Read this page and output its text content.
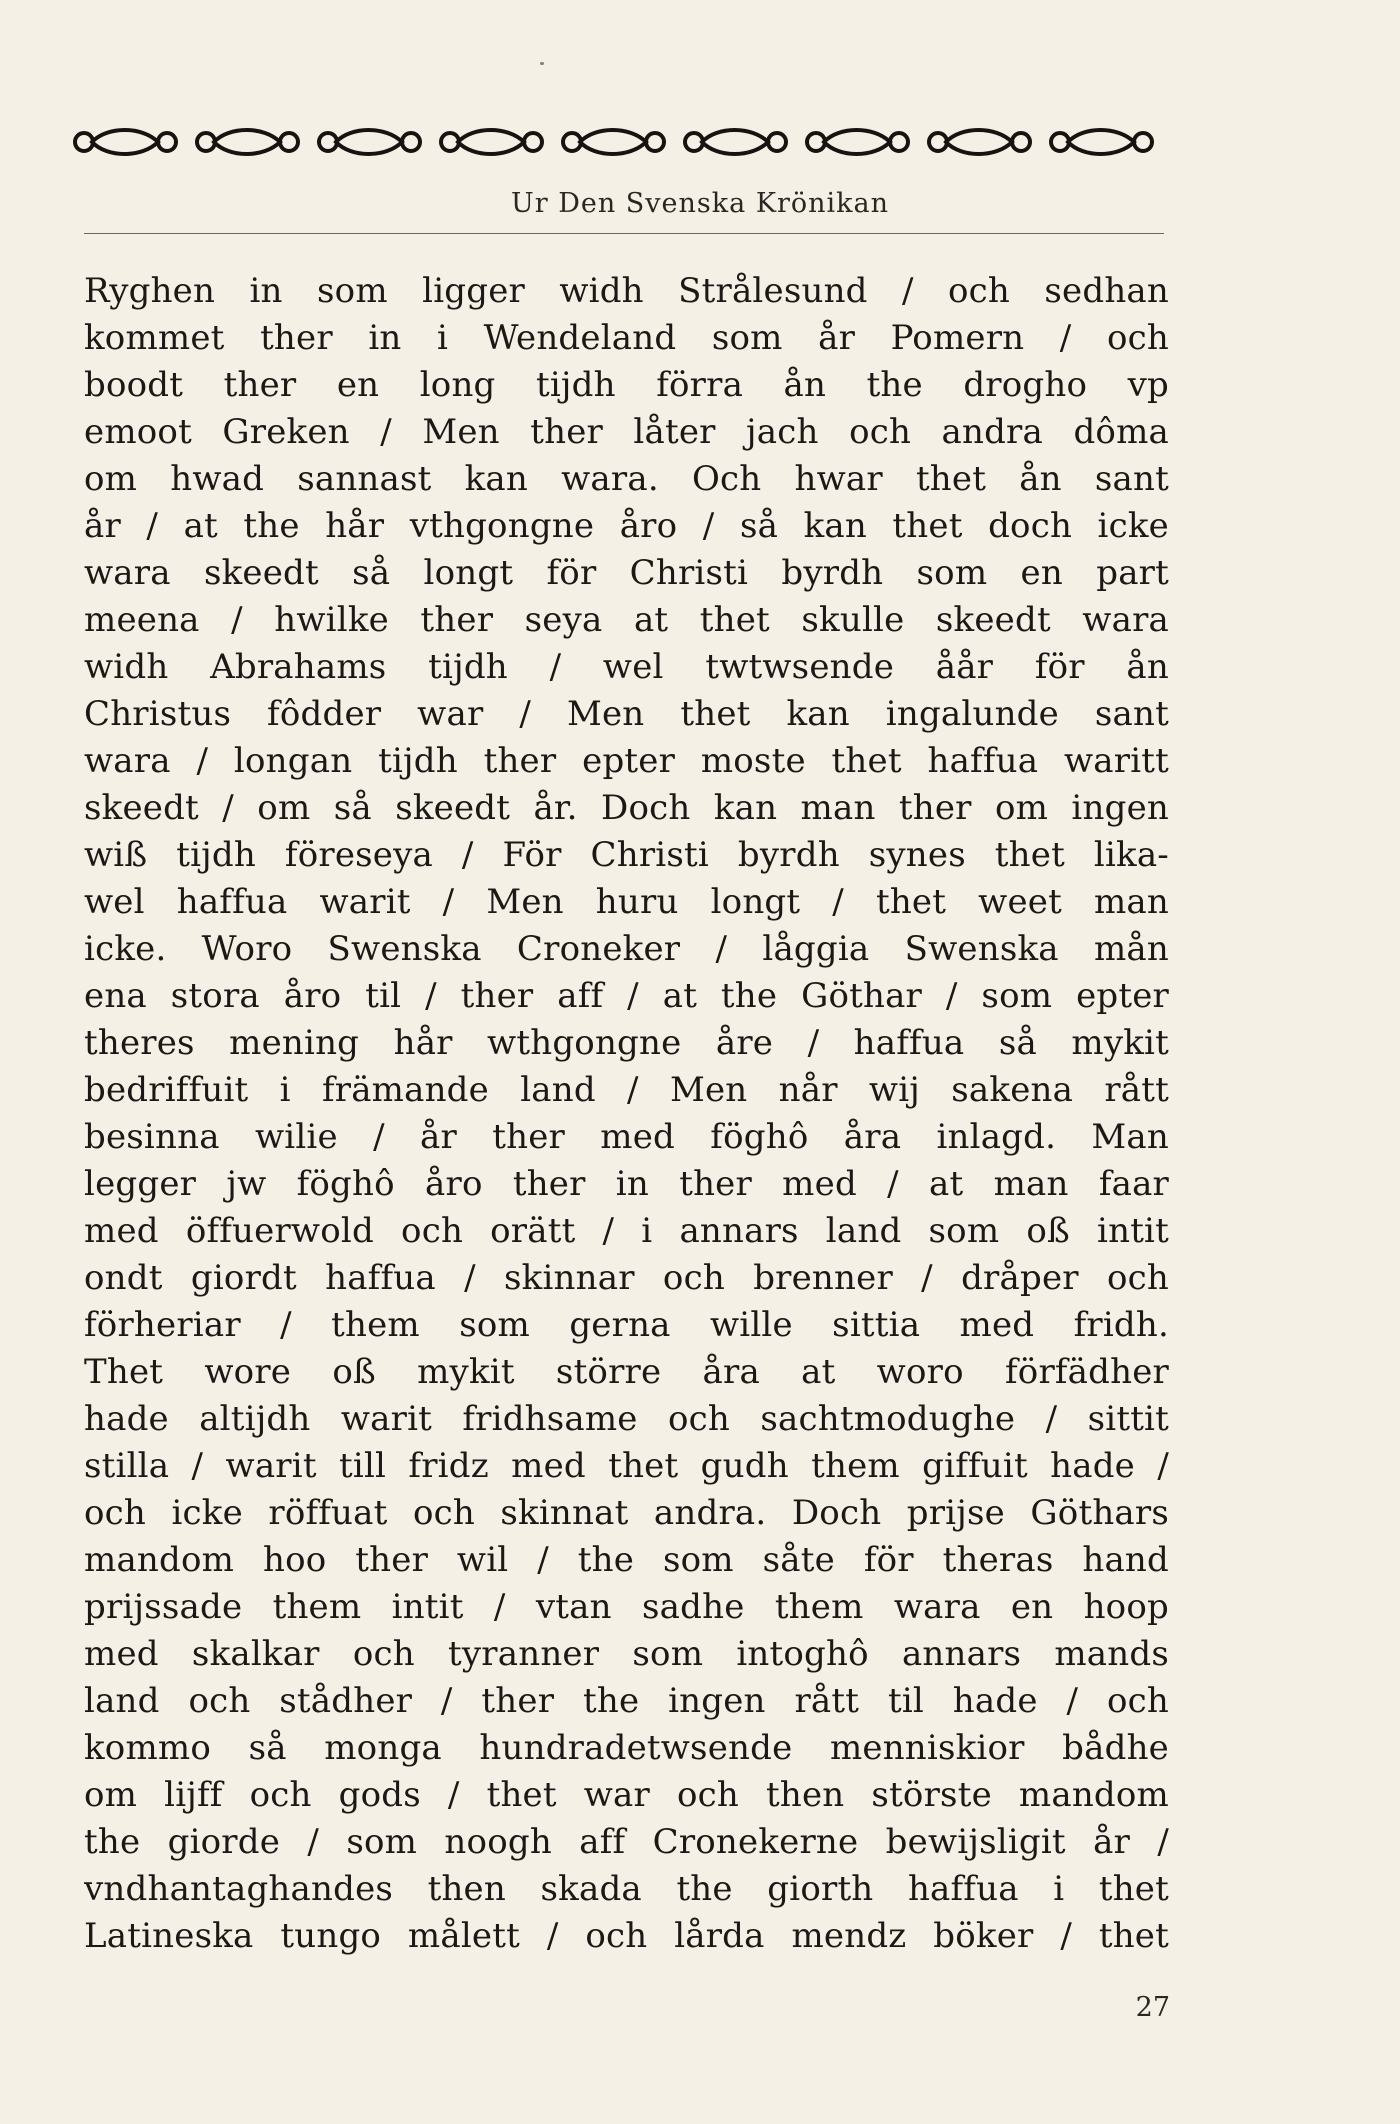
Ur Den Svenska Krönikan
Ryghen in som ligger widh Strålesund / och sedhan
kommet ther in i Wendeland som år Pomern / och
boodt ther en long tijdh förra ån the drogho vp
emoot Greken / Men ther låter jach och andra dôma
om hwad sannast kan wara. Och hwar thet ån sant
år / at the hår vthgongne åro / så kan thet doch icke
wara skeedt så longt för Christi byrdh som en part
meena / hwilke ther seya at thet skulle skeedt wara
widh Abrahams tijdh / wel twtwsende åår för ån
Christus fôdder war / Men thet kan ingalunde sant
wara / longan tijdh ther epter moste thet haffua waritt
skeedt / om så skeedt år. Doch kan man ther om ingen
wiß tijdh föreseya / För Christi byrdh synes thet lika-
wel haffua warit / Men huru longt / thet weet man
icke. Woro Swenska Croneker / låggia Swenska mån
ena stora åro til / ther aff / at the Göthar / som epter
theres mening hår wthgongne åre / haffua så mykit
bedriffuit i främande land / Men når wij sakena rått
besinna wilie / år ther med föghô åra inlagd. Man
legger jw föghô åro ther in ther med / at man faar
med öffuerwold och orätt / i annars land som oß intit
ondt giordt haffua / skinnar och brenner / dråper och
förheriar / them som gerna wille sittia med fridh.
Thet wore oß mykit större åra at woro förfädher
hade altijdh warit fridhsame och sachtmodughe / sittit
stilla / warit till fridz med thet gudh them giffuit hade /
och icke röffuat och skinnat andra. Doch prijse Göthars
mandom hoo ther wil / the som såte för theras hand
prijssade them intit / vtan sadhe them wara en hoop
med skalkar och tyranner som intoghô annars mands
land och stådher / ther the ingen rått til hade / och
kommo så monga hundradetwsende menniskior bådhe
om lijff och gods / thet war och then störste mandom
the giorde / som noogh aff Cronekerne bewijsligit år /
vndhantaghandes then skada the giorth haffua i thet
Latineska tungo målett / och lårda mendz böker / thet
27
